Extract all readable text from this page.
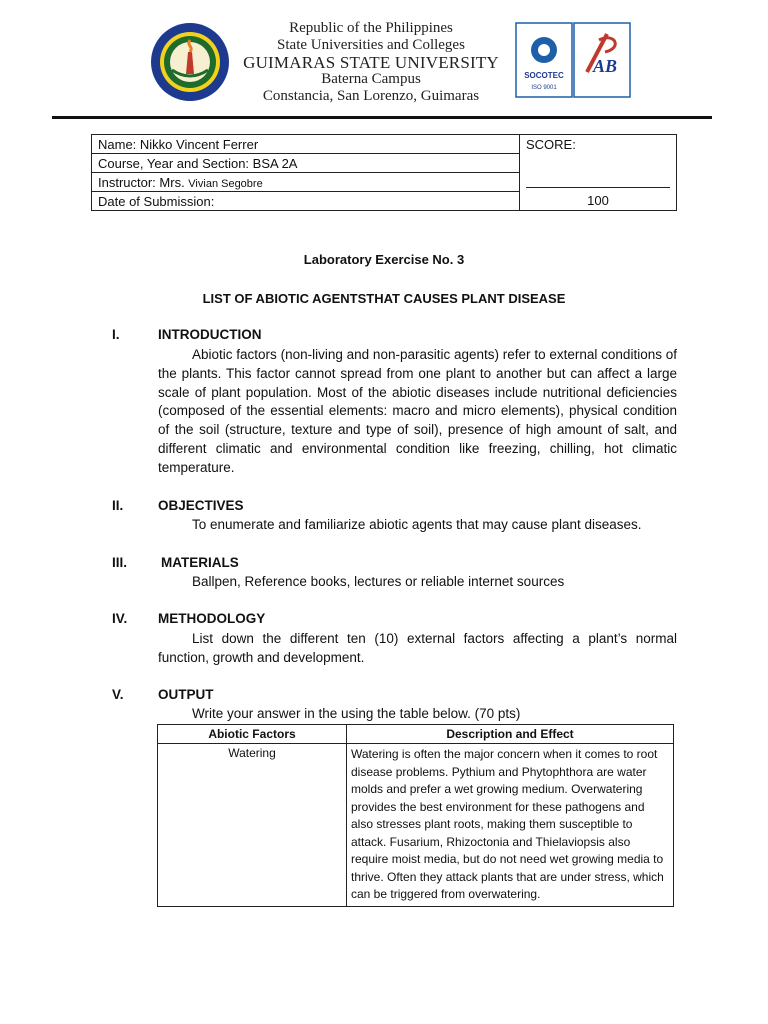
Republic of the Philippines
State Universities and Colleges
GUIMARAS STATE UNIVERSITY
Baterna Campus
Constancia, San Lorenzo, Guimaras
SOCOTEC
ISO 9001
AB
Name: Nikko Vincent Ferrer	SCORE:
100

Course, Year and Section: BSA 2A
Instructor: Mrs. Vivian Segobre
Date of Submission:
Laboratory Exercise No. 3
LIST OF ABIOTIC AGENTSTHAT CAUSES PLANT DISEASE
I.	INTRODUCTION
Abiotic factors (non-living and non-parasitic agents) refer to external conditions of the plants. This factor cannot spread from one plant to another but can affect a large scale of plant population. Most of the abiotic diseases include nutritional deficiencies (composed of the essential elements: macro and micro elements), physical condition of the soil (structure, texture and type of soil), presence of high amount of salt, and different climatic and environmental condition like freezing, chilling, hot climatic temperature.
II.	OBJECTIVES
To enumerate and familiarize abiotic agents that may cause plant diseases.
III.	MATERIALS
Ballpen, Reference books, lectures or reliable internet sources
IV. METHODOLOGY
List down the different ten (10) external factors affecting a plant’s normal function, growth and development.
V.	OUTPUT
Write your answer in the using the table below. (70 pts)
Abiotic Factors	Description and Effect
Watering	Watering is often the major concern when it comes to root disease problems. Pythium and Phytophthora are water molds and prefer a wet growing medium. Overwatering provides the best environment for these pathogens and also stresses plant roots, making them susceptible to attack. Fusarium, Rhizoctonia and Thielaviopsis also require moist media, but do not need wet growing media to thrive. Often they attack plants that are under stress, which can be triggered from overwatering.
